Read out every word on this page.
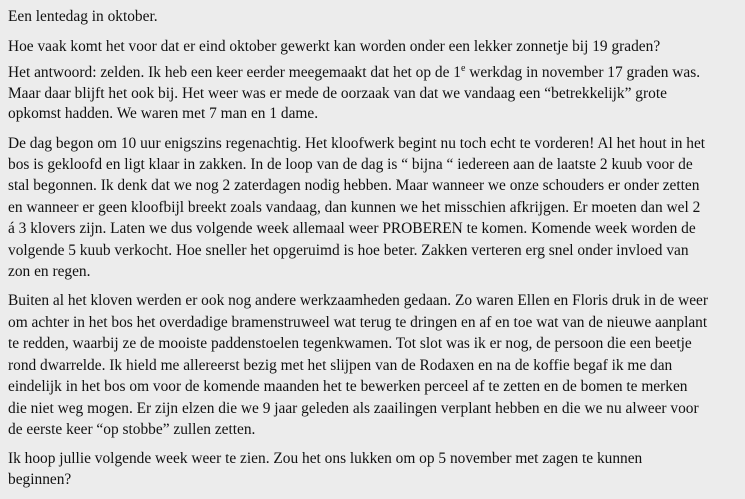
Een lentedag in oktober.
Hoe vaak komt het voor dat er eind oktober gewerkt kan worden onder een lekker zonnetje bij 19 graden?
Het antwoord: zelden. Ik heb een keer eerder meegemaakt dat het op de 1e werkdag in november 17 graden was.
Maar daar blijft het ook bij. Het weer was er mede de oorzaak van dat we vandaag een “betrekkelijk” grote
opkomst hadden. We waren met 7 man en 1 dame.
De dag begon om 10 uur enigszins regenachtig. Het kloofwerk begint nu toch echt te vorderen! Al het hout in het
bos is gekloofd en ligt klaar in zakken. In de loop van de dag is “ bijna “ iedereen aan de laatste 2 kuub voor de
stal begonnen. Ik denk dat we nog 2 zaterdagen nodig hebben. Maar wanneer we onze schouders er onder zetten
en wanneer er geen kloofbijl breekt zoals vandaag, dan kunnen we het misschien afkrijgen. Er moeten dan wel 2
á 3 klovers zijn. Laten we dus volgende week allemaal weer PROBEREN te komen. Komende week worden de
volgende 5 kuub verkocht. Hoe sneller het opgeruimd is hoe beter. Zakken verteren erg snel onder invloed van
zon en regen.
Buiten al het kloven werden er ook nog andere werkzaamheden gedaan. Zo waren Ellen en Floris druk in de weer
om achter in het bos het overdadige bramenstruweel wat terug te dringen en af en toe wat van de nieuwe aanplant
te redden, waarbij ze de mooiste paddenstoelen tegenkwamen. Tot slot was ik er nog, de persoon die een beetje
rond dwarrelde. Ik hield me allereerst bezig met het slijpen van de Rodaxen en na de koffie begaf ik me dan
eindelijk in het bos om voor de komende maanden het te bewerken perceel af te zetten en de bomen te merken
die niet weg mogen. Er zijn elzen die we 9 jaar geleden als zaailingen verplant hebben en die we nu alweer voor
de eerste keer “op stobbe” zullen zetten.
Ik hoop jullie volgende week weer te zien. Zou het ons lukken om op 5 november met zagen te kunnen
beginnen?
